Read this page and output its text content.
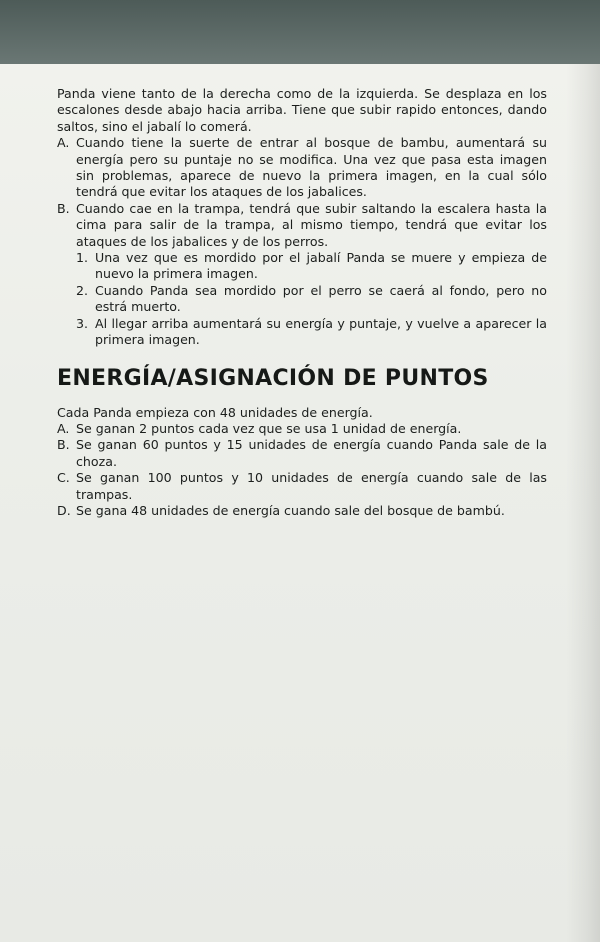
Panda viene tanto de la derecha como de la izquierda. Se desplaza en los escalones desde abajo hacia arriba. Tiene que subir rapido entonces, dando saltos, sino el jabalí lo comerá.

A. Cuando tiene la suerte de entrar al bosque de bambu, aumentará su energía pero su puntaje no se modifica. Una vez que pasa esta imagen sin problemas, aparece de nuevo la primera imagen, en la cual sólo tendrá que evitar los ataques de los jabalices.
B. Cuando cae en la trampa, tendrá que subir saltando la escalera hasta la cima para salir de la trampa, al mismo tiempo, tendrá que evitar los ataques de los jabalices y de los perros.
1. Una vez que es mordido por el jabalí Panda se muere y empieza de nuevo la primera imagen.
2. Cuando Panda sea mordido por el perro se caerá al fondo, pero no estrá muerto.
3. Al llegar arriba aumentará su energía y puntaje, y vuelve a aparecer la primera imagen.
ENERGÍA/ASIGNACIÓN DE PUNTOS

Cada Panda empieza con 48 unidades de energía.

A. Se ganan 2 puntos cada vez que se usa 1 unidad de energía.
B. Se ganan 60 puntos y 15 unidades de energía cuando Panda sale de la choza.
C. Se ganan 100 puntos y 10 unidades de energía cuando sale de las trampas.
D. Se gana 48 unidades de energía cuando sale del bosque de bambú.
